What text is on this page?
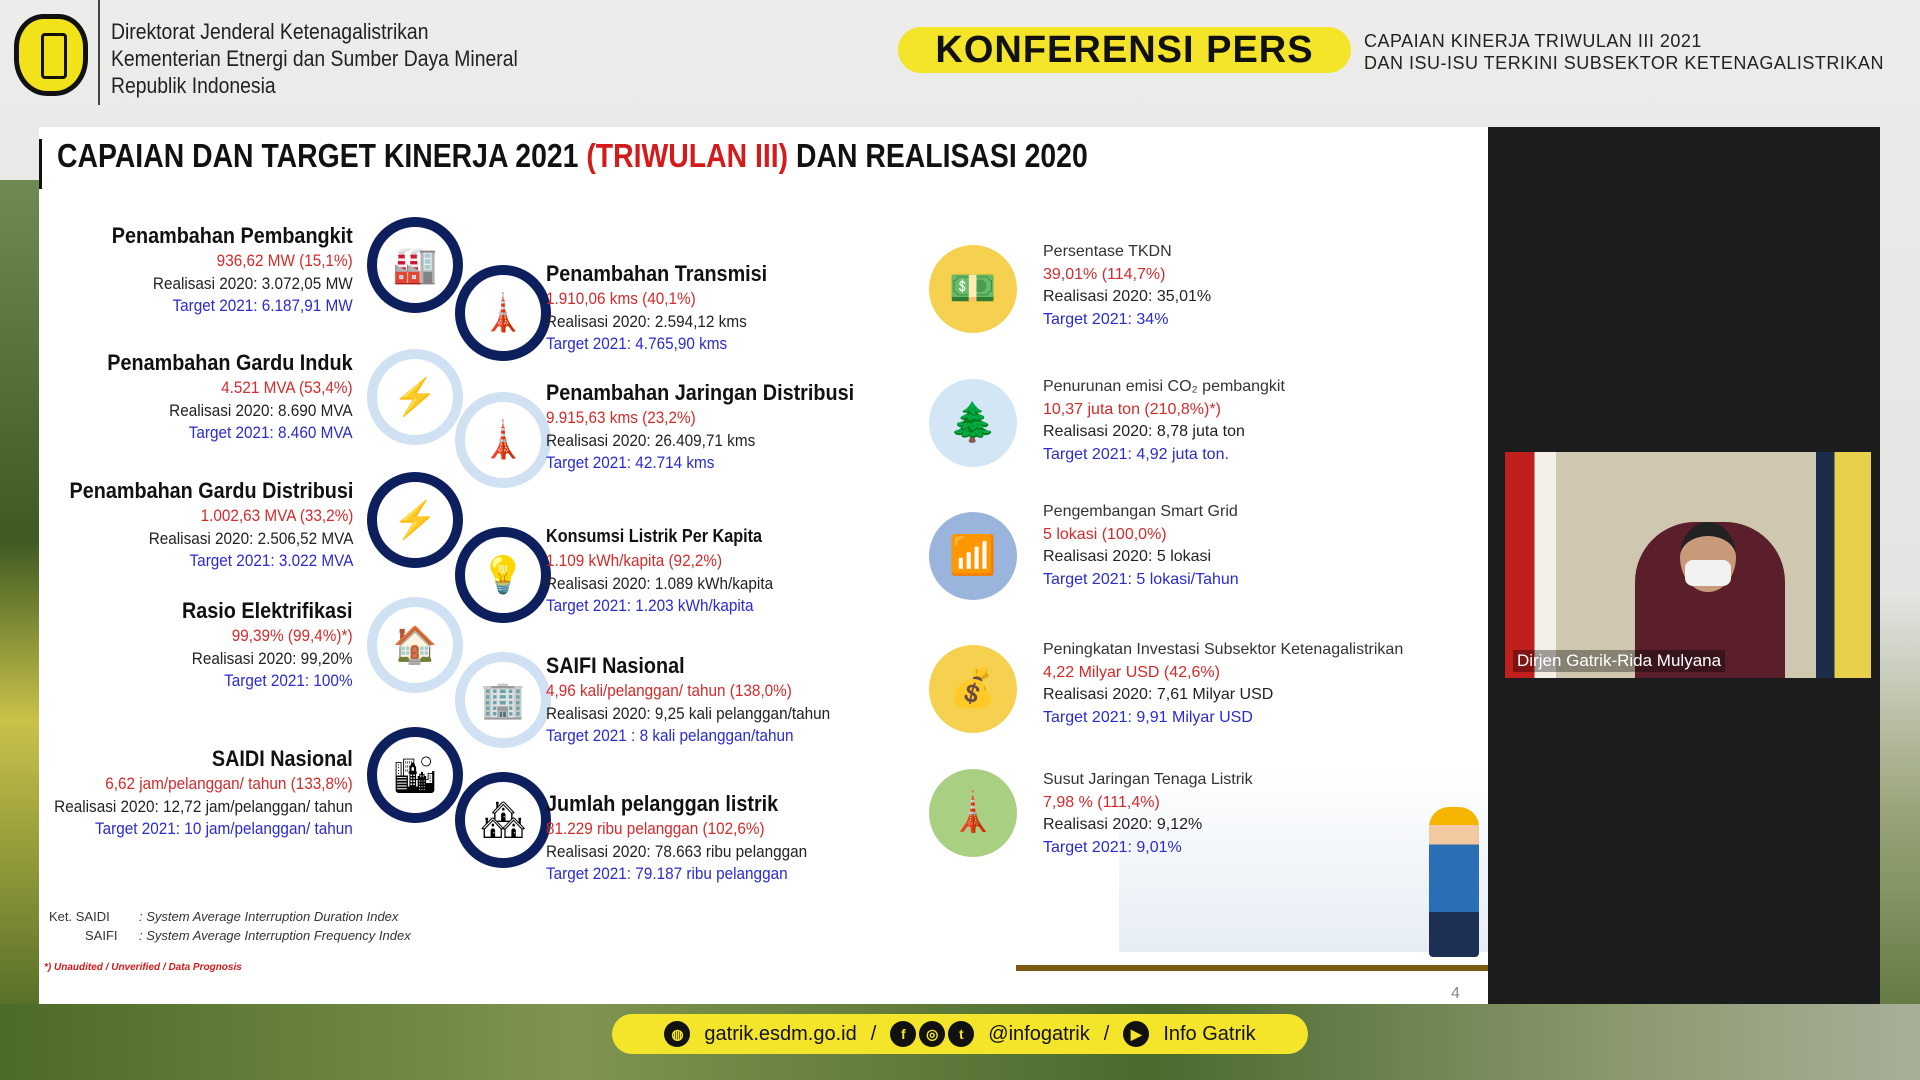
Direktorat Jenderal Ketenagalistrikan
Kementerian Etnergi dan Sumber Daya Mineral
Republik Indonesia
KONFERENSI PERS	CAPAIAN KINERJA TRIWULAN III 2021
DAN ISU-ISU TERKINI SUBSEKTOR KETENAGALISTRIKAN
CAPAIAN DAN TARGET KINERJA 2021 (TRIWULAN III) DAN REALISASI 2020
Ket. SAIDI : System Average Interruption Duration Index
SAIFI : System Average Interruption Frequency Index
*) Unaudited / Unverified / Data Prognosis
4
Penambahan Pembangkit
936,62 MW (15,1%)
Realisasi 2020: 3.072,05 MW
Target 2021: 6.187,91 MW
🏭
Penambahan Gardu Induk
4.521 MVA (53,4%)
Realisasi 2020: 8.690 MVA
Target 2021: 8.460 MVA
⚡
Penambahan Gardu Distribusi
1.002,63 MVA (33,2%)
Realisasi 2020: 2.506,52 MVA
Target 2021: 3.022 MVA
⚡
Rasio Elektrifikasi
99,39% (99,4%)*)
Realisasi 2020: 99,20%
Target 2021: 100%
🏠
SAIDI Nasional
6,62 jam/pelanggan/ tahun (133,8%)
Realisasi 2020: 12,72 jam/pelanggan/ tahun
Target 2021: 10 jam/pelanggan/ tahun
🏙
🗼
Penambahan Transmisi
1.910,06 kms (40,1%)
Realisasi 2020: 2.594,12 kms
Target 2021: 4.765,90 kms
🗼
Penambahan Jaringan Distribusi
9.915,63 kms (23,2%)
Realisasi 2020: 26.409,71 kms
Target 2021: 42.714 kms
💡
Konsumsi Listrik Per Kapita
1.109 kWh/kapita (92,2%)
Realisasi 2020: 1.089 kWh/kapita
Target 2021: 1.203 kWh/kapita
🏢
SAIFI Nasional
4,96 kali/pelanggan/ tahun (138,0%)
Realisasi 2020: 9,25 kali pelanggan/tahun
Target 2021 : 8 kali pelanggan/tahun
🏘 Jumlah pelanggan listrik
81.229 ribu pelanggan (102,6%)
Realisasi 2020: 78.663 ribu pelanggan
Target 2021: 79.187 ribu pelanggan
💵
Persentase TKDN
39,01% (114,7%)
Realisasi 2020: 35,01%
Target 2021: 34%
🌲
Penurunan emisi CO₂ pembangkit
10,37 juta ton (210,8%)*)
Realisasi 2020: 8,78 juta ton
Target 2021: 4,92 juta ton.
📶
Pengembangan Smart Grid
5 lokasi (100,0%)
Realisasi 2020: 5 lokasi
Target 2021: 5 lokasi/Tahun
💰
Peningkatan Investasi Subsektor Ketenagalistrikan
4,22 Milyar USD (42,6%)
Realisasi 2020: 7,61 Milyar USD
Target 2021: 9,91 Milyar USD
🗼
Susut Jaringan Tenaga Listrik
7,98 % (111,4%)
Realisasi 2020: 9,12%
Target 2021: 9,01%
Dirjen Gatrik-Rida Mulyana
◍	gatrik.esdm.go.id /	f	◎	t	@infogatrik /	▶	Info Gatrik
